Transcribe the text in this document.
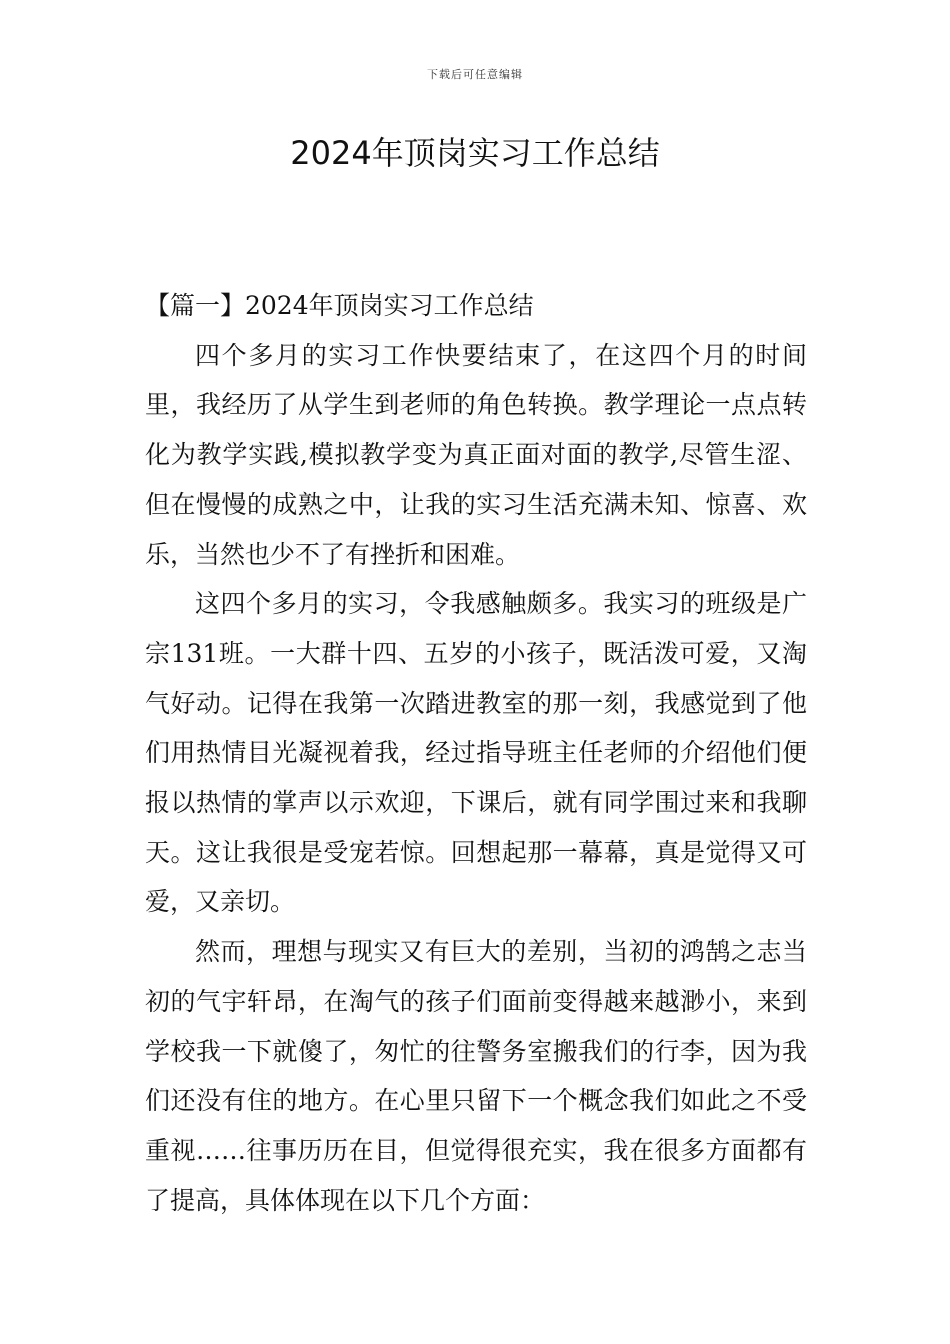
下载后可任意编辑
2024年顶岗实习工作总结

【篇一】2024年顶岗实习工作总结

四个多月的实习工作快要结束了，在这四个月的时间里，我经历了从学生到老师的角色转换。教学理论一点点转化为教学实践,模拟教学变为真正面对面的教学,尽管生涩、但在慢慢的成熟之中，让我的实习生活充满未知、惊喜、欢乐，当然也少不了有挫折和困难。

这四个多月的实习，令我感触颇多。我实习的班级是广宗131班。一大群十四、五岁的小孩子，既活泼可爱，又淘气好动。记得在我第一次踏进教室的那一刻，我感觉到了他们用热情目光凝视着我，经过指导班主任老师的介绍他们便报以热情的掌声以示欢迎，下课后，就有同学围过来和我聊天。这让我很是受宠若惊。回想起那一幕幕，真是觉得又可爱，又亲切。

然而，理想与现实又有巨大的差别，当初的鸿鹄之志当初的气宇轩昂，在淘气的孩子们面前变得越来越渺小，来到学校我一下就傻了，匆忙的往警务室搬我们的行李，因为我们还没有住的地方。在心里只留下一个概念我们如此之不受重视……往事历历在目，但觉得很充实，我在很多方面都有了提高，具体体现在以下几个方面：
